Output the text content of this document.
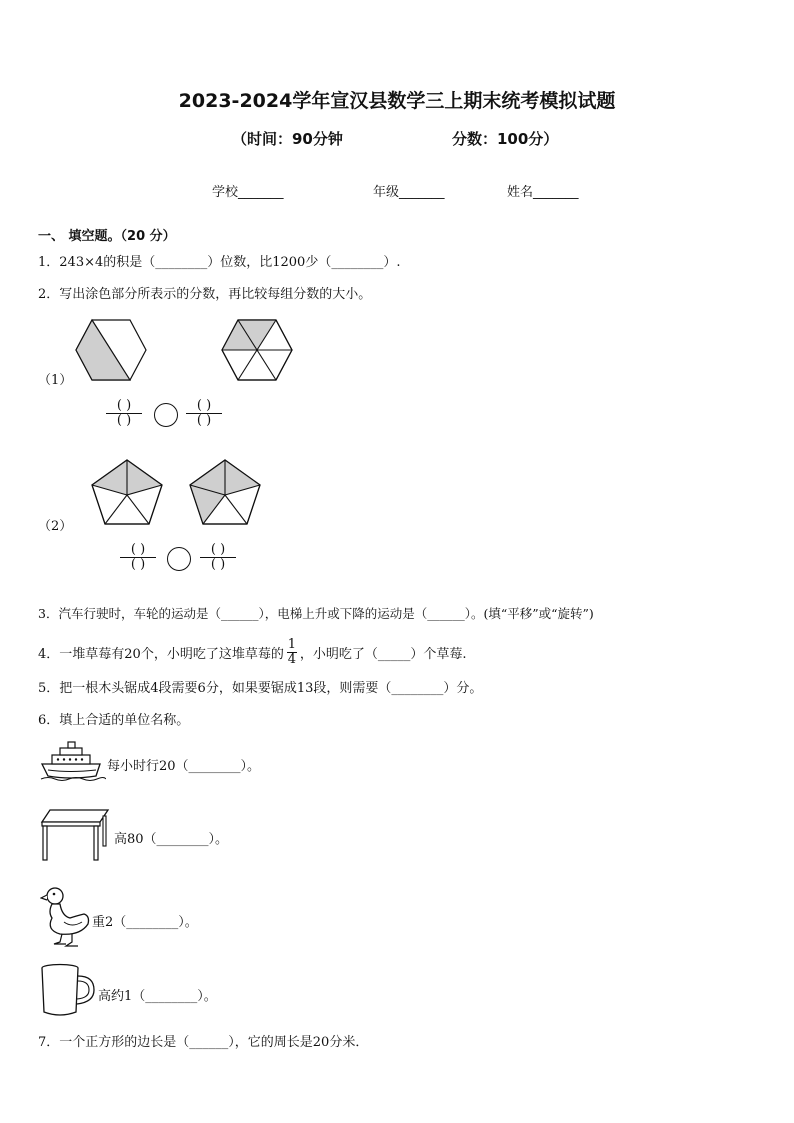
2023-2024学年宣汉县数学三上期末统考模拟试题
（时间：90分钟	分数：100分）
学校_______	年级_______	姓名_______
一、 填空题。（20 分）
1．243×4的积是（________）位数，比1200少（________）.
2．写出涂色部分所表示的分数，再比较每组分数的大小。
（1）
( )
( )
( )
( )
（2）
( )
( )
( )
( )
3．汽车行驶时，车轮的运动是（______），电梯上升或下降的运动是（______）。(填“平移”或“旋转”)
4．一堆草莓有20个，小明吃了这堆草莓的 $\frac{1}{4}$ ，小明吃了（_____）个草莓.
5．把一根木头锯成4段需要6分，如果要锯成13段，则需要（________）分。
6．填上合适的单位名称。
每小时行20（________）。
高80（________）。
重2（________）。
高约1（________）。
7．一个正方形的边长是（______），它的周长是20分米．
